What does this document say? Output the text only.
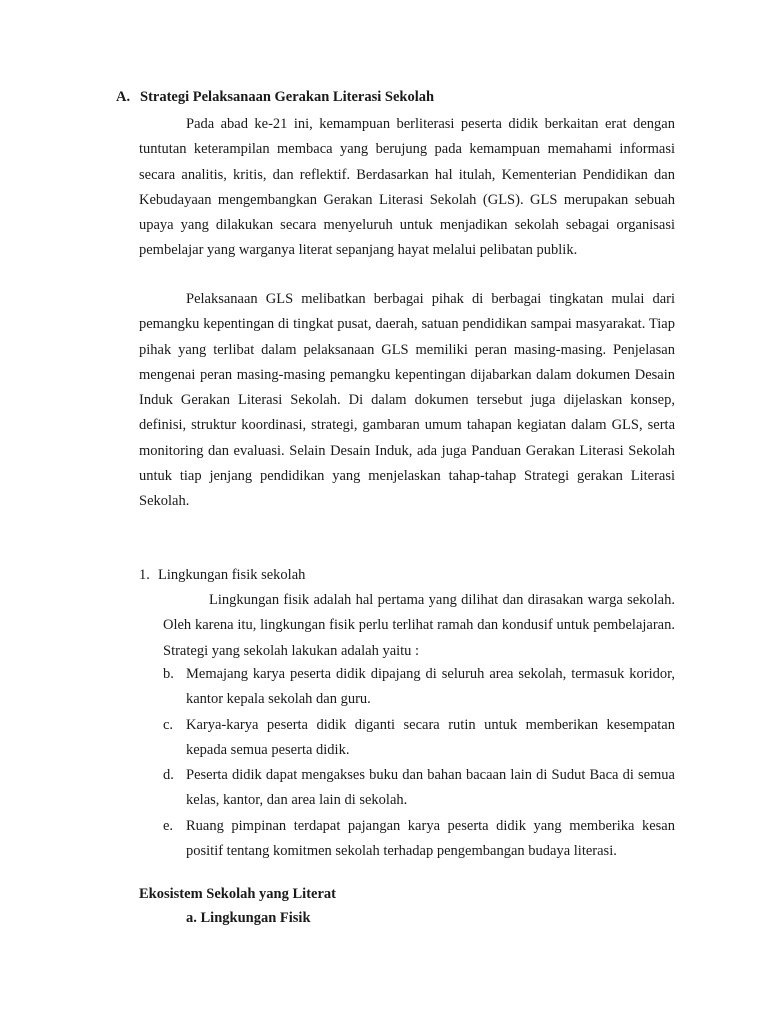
A. Strategi Pelaksanaan Gerakan Literasi Sekolah

Pada abad ke-21 ini, kemampuan berliterasi peserta didik berkaitan erat dengan tuntutan keterampilan membaca yang berujung pada kemampuan memahami informasi secara analitis, kritis, dan reflektif. Berdasarkan hal itulah, Kementerian Pendidikan dan Kebudayaan mengembangkan Gerakan Literasi Sekolah (GLS). GLS merupakan sebuah upaya yang dilakukan secara menyeluruh untuk menjadikan sekolah sebagai organisasi pembelajar yang warganya literat sepanjang hayat melalui pelibatan publik.

Pelaksanaan GLS melibatkan berbagai pihak di berbagai tingkatan mulai dari pemangku kepentingan di tingkat pusat, daerah, satuan pendidikan sampai masyarakat. Tiap pihak yang terlibat dalam pelaksanaan GLS memiliki peran masing-masing. Penjelasan mengenai peran masing-masing pemangku kepentingan dijabarkan dalam dokumen Desain Induk Gerakan Literasi Sekolah. Di dalam dokumen tersebut juga dijelaskan konsep, definisi, struktur koordinasi, strategi, gambaran umum tahapan kegiatan dalam GLS, serta monitoring dan evaluasi. Selain Desain Induk, ada juga Panduan Gerakan Literasi Sekolah untuk tiap jenjang pendidikan yang menjelaskan tahap-tahap Strategi gerakan Literasi Sekolah.

1. Lingkungan fisik sekolah

Lingkungan fisik adalah hal pertama yang dilihat dan dirasakan warga sekolah. Oleh karena itu, lingkungan fisik perlu terlihat ramah dan kondusif untuk pembelajaran. Strategi yang sekolah lakukan adalah yaitu :

b. Memajang karya peserta didik dipajang di seluruh area sekolah, termasuk koridor, kantor kepala sekolah dan guru.
c. Karya-karya peserta didik diganti secara rutin untuk memberikan kesempatan kepada semua peserta didik.
d. Peserta didik dapat mengakses buku dan bahan bacaan lain di Sudut Baca di semua kelas, kantor, dan area lain di sekolah.
e. Ruang pimpinan terdapat pajangan karya peserta didik yang memberika kesan positif tentang komitmen sekolah terhadap pengembangan budaya literasi.
Ekosistem Sekolah yang Literat
a. Lingkungan Fisik
